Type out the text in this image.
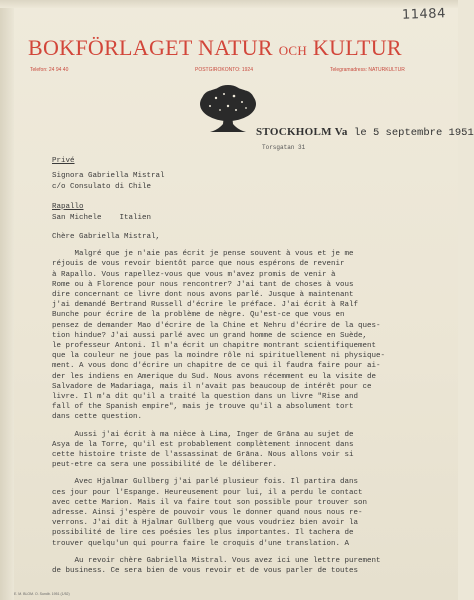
11484
BOKFÖRLAGET NATUR OCH KULTUR
Telefon: 24 94 40	POSTGIROKONTO: 1924	Telegramadress: NATURKULTUR
STOCKHOLM Va le 5 septembre 1951
Torsgatan 31
Privé
Signora Gabriella Mistral
c/o Consulato di Chile
Rapallo
San Michele    Italien

Chère Gabriella Mistral,

Malgré que je n'aie pas écrit je pense souvent à vous et je me

réjouis de vous revoir bientôt parce que nous espérons de revenir

à Rapallo. Vous rapellez-vous que vous m'avez promis de venir à

Rome ou à Florence pour nous rencontrer? J'ai tant de choses à vous

dire concernant ce livre dont nous avons parlé. Jusque à maintenant

j'ai demandé Bertrand Russell d'écrire le préface. J'ai écrit à Ralf

Bunche pour écrire de la problème de nègre. Qu'est-ce que vous en

pensez de demander Mao d'écrire de la Chine et Nehru d'écrire de la ques-

tion hindue? J'ai aussi parlé avec un grand homme de science en Suède,

le professeur Antoni. Il m'a écrit un chapitre montrant scientifiquement

que la couleur ne joue pas la moindre rôle ni spirituellement ni physique-

ment. A vous donc d'écrire un chapitre de ce qui il faudra faire pour ai-

der les indiens en Amerique du Sud. Nous avons récemment eu la visite de

Salvadore de Madariaga, mais il n'avait pas beaucoup de intérêt pour ce

livre. Il m'a dit qu'il a traité la question dans un livre "Rise and

fall of the Spanish empire", mais je trouve qu'il a absolument tort

dans cette question.

Aussi j'ai écrit à ma nièce à Lima, Inger de Grāna au sujet de

Asya de la Torre, qu'il est probablement complètement innocent dans

cette histoire triste de l'assassinat de Grāna. Nous allons voir si

peut-etre ca sera une possibilité de le déliberer.

Avec Hjalmar Gullberg j'ai parlé plusieur fois. Il partira dans

ces jour pour l'Espange. Heureusement pour lui, il a perdu le contact

avec cette Marion. Mais il va faire tout son possible pour trouver son

adresse. Ainsi j'espère de pouvoir vous le donner quand nous nous re-

verrons. J'ai dit à Hjalmar Gullberg que vous voudriez bien avoir la

possibilité de lire ces poésies les plus importantes. Il tachera de

trouver quelqu'un qui pourra faire le croquis d'une translation. A

Au revoir chère Gabriella Mistral. Vous avez ici une lettre purement

de business. Ce sera bien de vous revoir et de vous parler de toutes

E. M. BLOM. O. Sundb. 1951 (1/52)
